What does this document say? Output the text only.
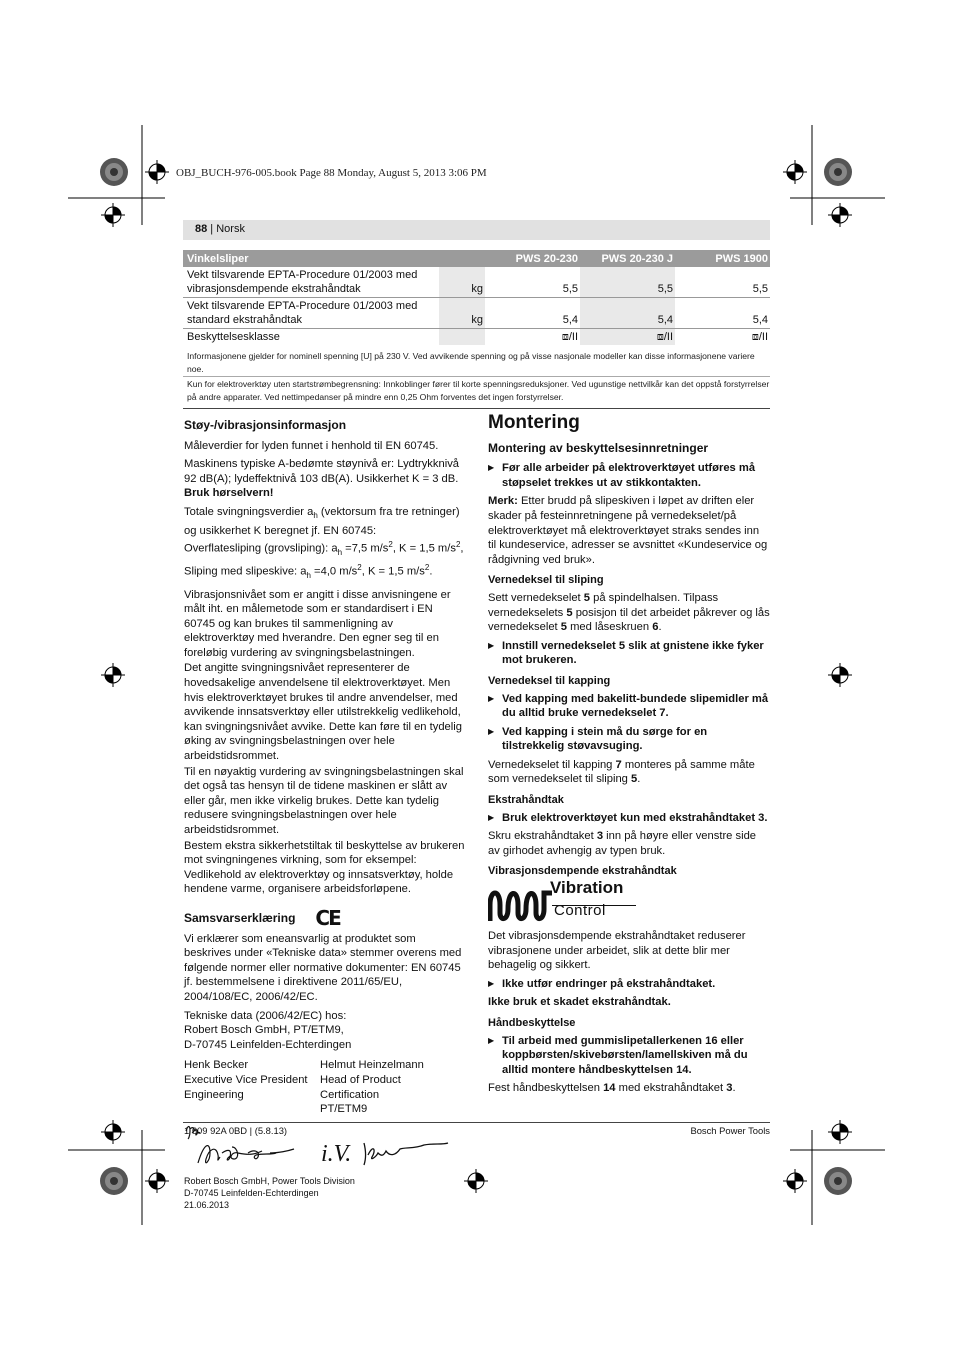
OBJ_BUCH-976-005.book Page 88 Monday, August 5, 2013 3:06 PM
88 | Norsk
Vinkelsliper		PWS 20-230	PWS 20-230 J	PWS 1900
Vekt tilsvarende EPTA-Procedure 01/2003 med vibrasjonsdempende ekstrahåndtak	kg	5,5	5,5	5,5
Vekt tilsvarende EPTA-Procedure 01/2003 med standard ekstrahåndtak	kg	5,4	5,4	5,4
Beskyttelsesklasse		⧈/II	⧈/II	⧈/II
Informasjonene gjelder for nominell spenning [U] på 230 V. Ved avvikende spenning og på visse nasjonale modeller kan disse informasjonene variere noe.
Kun for elektroverktøy uten startstrømbegrensning: Innkoblinger fører til korte spenningsreduksjoner. Ved ugunstige nettvilkår kan det oppstå forstyrrelser på andre apparater. Ved nettimpedanser på mindre enn 0,25 Ohm forventes det ingen forstyrrelser.
Støy-/vibrasjonsinformasjon

Måleverdier for lyden funnet i henhold til EN 60745.

Maskinens typiske A-bedømte støynivå er: Lydtrykknivå 92 dB(A); lydeffektnivå 103 dB(A). Usikkerhet K = 3 dB.
Bruk hørselvern!

Totale svingningsverdier $a_h$ (vektorsum fra tre retninger) og usikkerhet K beregnet jf. EN 60745:
Overflatesliping (grovsliping): $a_h =7,5$ $m/s^2$, K = 1,5 $m/s^2$,
Sliping med slipeskive: $a_h =4,0$ $m/s^2$, K = 1,5 $m/s^2$.

Vibrasjonsnivået som er angitt i disse anvisningene er målt iht. en målemetode som er standardisert i EN 60745 og kan brukes til sammenligning av elektroverktøy med hverandre. Den egner seg til en foreløbig vurdering av svingningsbelastningen.

Det angitte svingningsnivået representerer de hovedsakelige anvendelsene til elektroverktøyet. Men hvis elektroverktøyet brukes til andre anvendelser, med avvikende innsatsverktøy eller utilstrekkelig vedlikehold, kan svingningsnivået avvike. Dette kan føre til en tydelig øking av svingningsbelastningen over hele arbeidstidsrommet.

Til en nøyaktig vurdering av svingningsbelastningen skal det også tas hensyn til de tidene maskinen er slått av eller går, men ikke virkelig brukes. Dette kan tydelig redusere svingningsbelastningen over hele arbeidstidsrommet.

Bestem ekstra sikkerhetstiltak til beskyttelse av brukeren mot svingningenes virkning, som for eksempel: Vedlikehold av elektroverktøy og innsatsverktøy, holde hendene varme, organisere arbeidsforløpene.

Samsvarserklæring CE

Vi erklærer som eneansvarlig at produktet som beskrives under «Tekniske data» stemmer overens med følgende normer eller normative dokumenter: EN 60745 jf. bestemmelsene i direktivene 2011/65/EU, 2004/108/EC, 2006/42/EC.

Tekniske data (2006/42/EC) hos:
Robert Bosch GmbH, PT/ETM9,
D-70745 Leinfelden-Echterdingen

Henk Becker
Executive Vice President
Engineering
Helmut Heinzelmann
Head of Product Certification
PT/ETM9
i.V.
Robert Bosch GmbH, Power Tools Division
D-70745 Leinfelden-Echterdingen
21.06.2013
Montering
Montering av beskyttelsesinnretninger
▶ Før alle arbeider på elektroverktøyet utføres må støpselet trekkes ut av stikkontakten.

Merk: Etter brudd på slipeskiven i løpet av driften eler skader på festeinnretningene på vernedekselet/på elektroverktøyet må elektroverktøyet straks sendes inn til kundeservice, adresser se avsnittet «Kundeservice og rådgivning ved bruk».

Vernedeksel til sliping

Sett vernedekselet 5 på spindelhalsen. Tilpass vernedekselets 5 posisjon til det arbeidet påkrever og lås vernedekselet 5 med låseskruen 6.

▶ Innstill vernedekselet 5 slik at gnistene ikke fyker mot brukeren.
Vernedeksel til kapping
▶ Ved kapping med bakelitt-bundede slipemidler må du alltid bruke vernedekselet 7.
▶ Ved kapping i stein må du sørge for en tilstrekkelig støvavsuging.

Vernedekselet til kapping 7 monteres på samme måte som vernedekselet til sliping 5.

Ekstrahåndtak
▶ Bruk elektroverktøyet kun med ekstrahåndtaket 3.

Skru ekstrahåndtaket 3 inn på høyre eller venstre side av girhodet avhengig av typen bruk.

Vibrasjonsdempende ekstrahåndtak
Vibration
Control

Det vibrasjonsdempende ekstrahåndtaket reduserer vibrasjonene under arbeidet, slik at dette blir mer behagelig og sikkert.

▶ Ikke utfør endringer på ekstrahåndtaket.

Ikke bruk et skadet ekstrahåndtak.

Håndbeskyttelse
▶ Til arbeid med gummislipetallerkenen 16 eller koppbørsten/skivebørsten/lamellskiven må du alltid montere håndbeskyttelsen 14.

Fest håndbeskyttelsen 14 med ekstrahåndtaket 3.

1 609 92A 0BD | (5.8.13)	Bosch Power Tools
